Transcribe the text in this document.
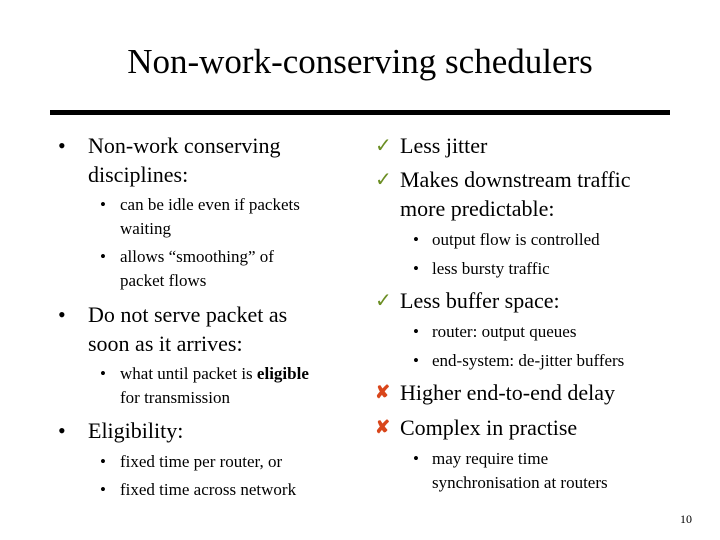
Non-work-conserving schedulers
• Non-work conserving
disciplines:
• can be idle even if packets
waiting
• allows “smoothing” of
packet flows
• Do not serve packet as
soon as it arrives:
• what until packet is eligible
for transmission
• Eligibility:
• fixed time per router, or
• fixed time across network
✓ Less jitter
✓ Makes downstream traffic
more predictable:
• output flow is controlled
• less bursty traffic
✓ Less buffer space:
• router: output queues
• end-system: de-jitter buffers
✘ Higher end-to-end delay
✘ Complex in practise
• may require time
synchronisation at routers
10
